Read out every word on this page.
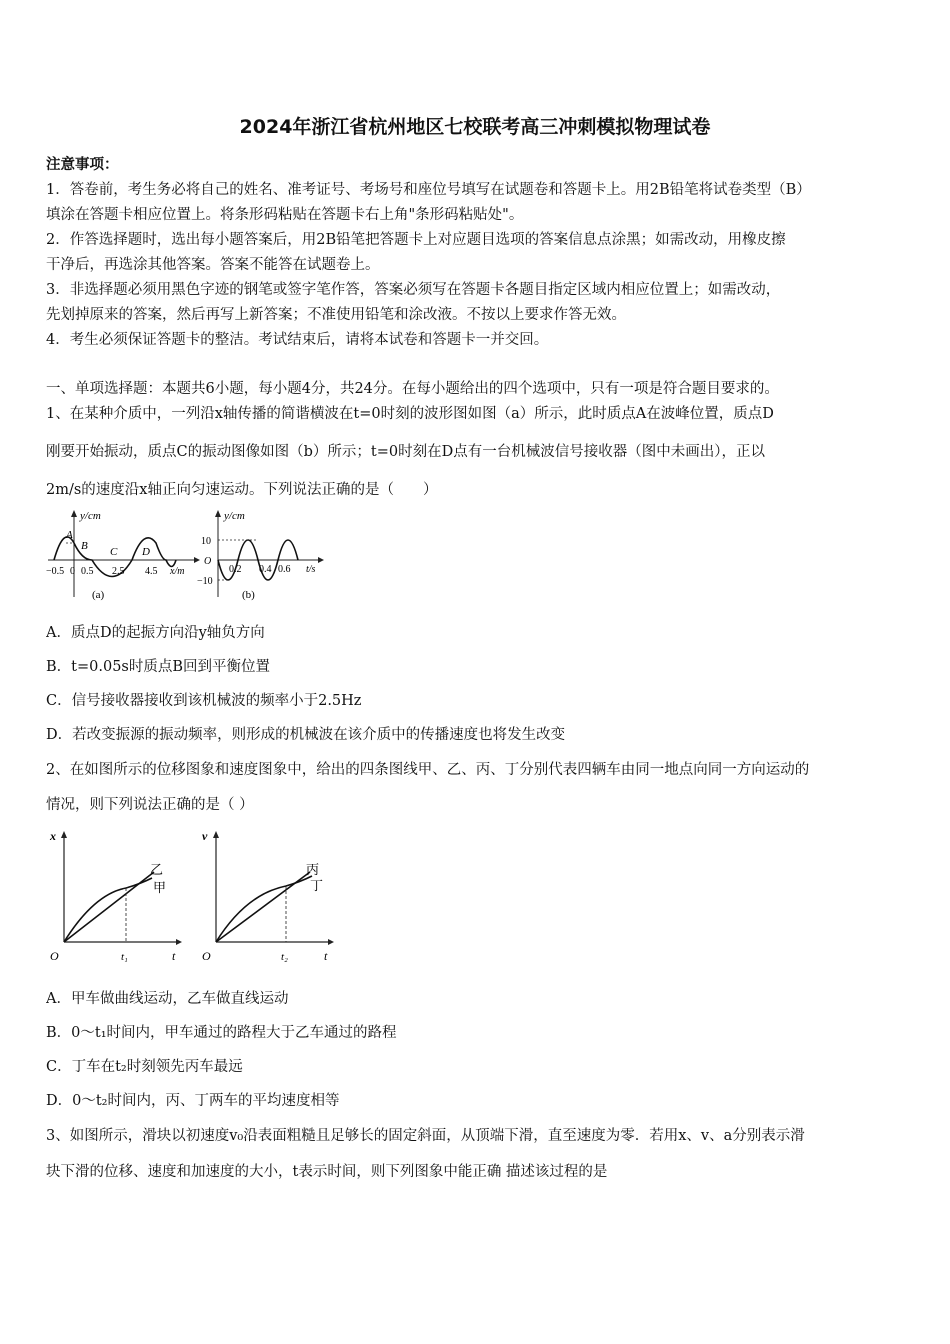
2024年浙江省杭州地区七校联考高三冲刺模拟物理试卷
注意事项：
1．答卷前，考生务必将自己的姓名、准考证号、考场号和座位号填写在试题卷和答题卡上。用2B铅笔将试卷类型（B）
填涂在答题卡相应位置上。将条形码粘贴在答题卡右上角"条形码粘贴处"。
2．作答选择题时，选出每小题答案后，用2B铅笔把答题卡上对应题目选项的答案信息点涂黑；如需改动，用橡皮擦
干净后，再选涂其他答案。答案不能答在试题卷上。
3．非选择题必须用黑色字迹的钢笔或签字笔作答，答案必须写在答题卡各题目指定区域内相应位置上；如需改动，
先划掉原来的答案，然后再写上新答案；不准使用铅笔和涂改液。不按以上要求作答无效。
4．考生必须保证答题卡的整洁。考试结束后，请将本试卷和答题卡一并交回。
一、单项选择题：本题共6小题，每小题4分，共24分。在每小题给出的四个选项中，只有一项是符合题目要求的。
1、在某种介质中，一列沿x轴传播的简谐横波在t=0时刻的波形图如图（a）所示，此时质点A在波峰位置，质点D
刚要开始振动，质点C的振动图像如图（b）所示；t=0时刻在D点有一台机械波信号接收器（图中未画出），正以
2m/s的速度沿x轴正向匀速运动。下列说法正确的是（　　）
y/cm
A
B C D
−0.5 0 0.5 2.5 4.5 x/m
(a)
y/cm
10
O
−10
0.2 0.4 0.6 t/s
(b)
A．质点D的起振方向沿y轴负方向
B．t=0.05s时质点B回到平衡位置
C．信号接收器接收到该机械波的频率小于2.5Hz
D．若改变振源的振动频率，则形成的机械波在该介质中的传播速度也将发生改变
2、在如图所示的位移图象和速度图象中，给出的四条图线甲、乙、丙、丁分别代表四辆车由同一地点向同一方向运动的
情况，则下列说法正确的是（ ）
x
O	t₁	t
乙
甲
v
O	t₂	t
丙
丁
A．甲车做曲线运动，乙车做直线运动
B．0～t₁时间内，甲车通过的路程大于乙车通过的路程
C．丁车在t₂时刻领先丙车最远
D．0～t₂时间内，丙、丁两车的平均速度相等
3、如图所示，滑块以初速度v₀沿表面粗糙且足够长的固定斜面，从顶端下滑，直至速度为零．若用x、v、a分别表示滑
块下滑的位移、速度和加速度的大小，t表示时间，则下列图象中能正确 描述该过程的是
